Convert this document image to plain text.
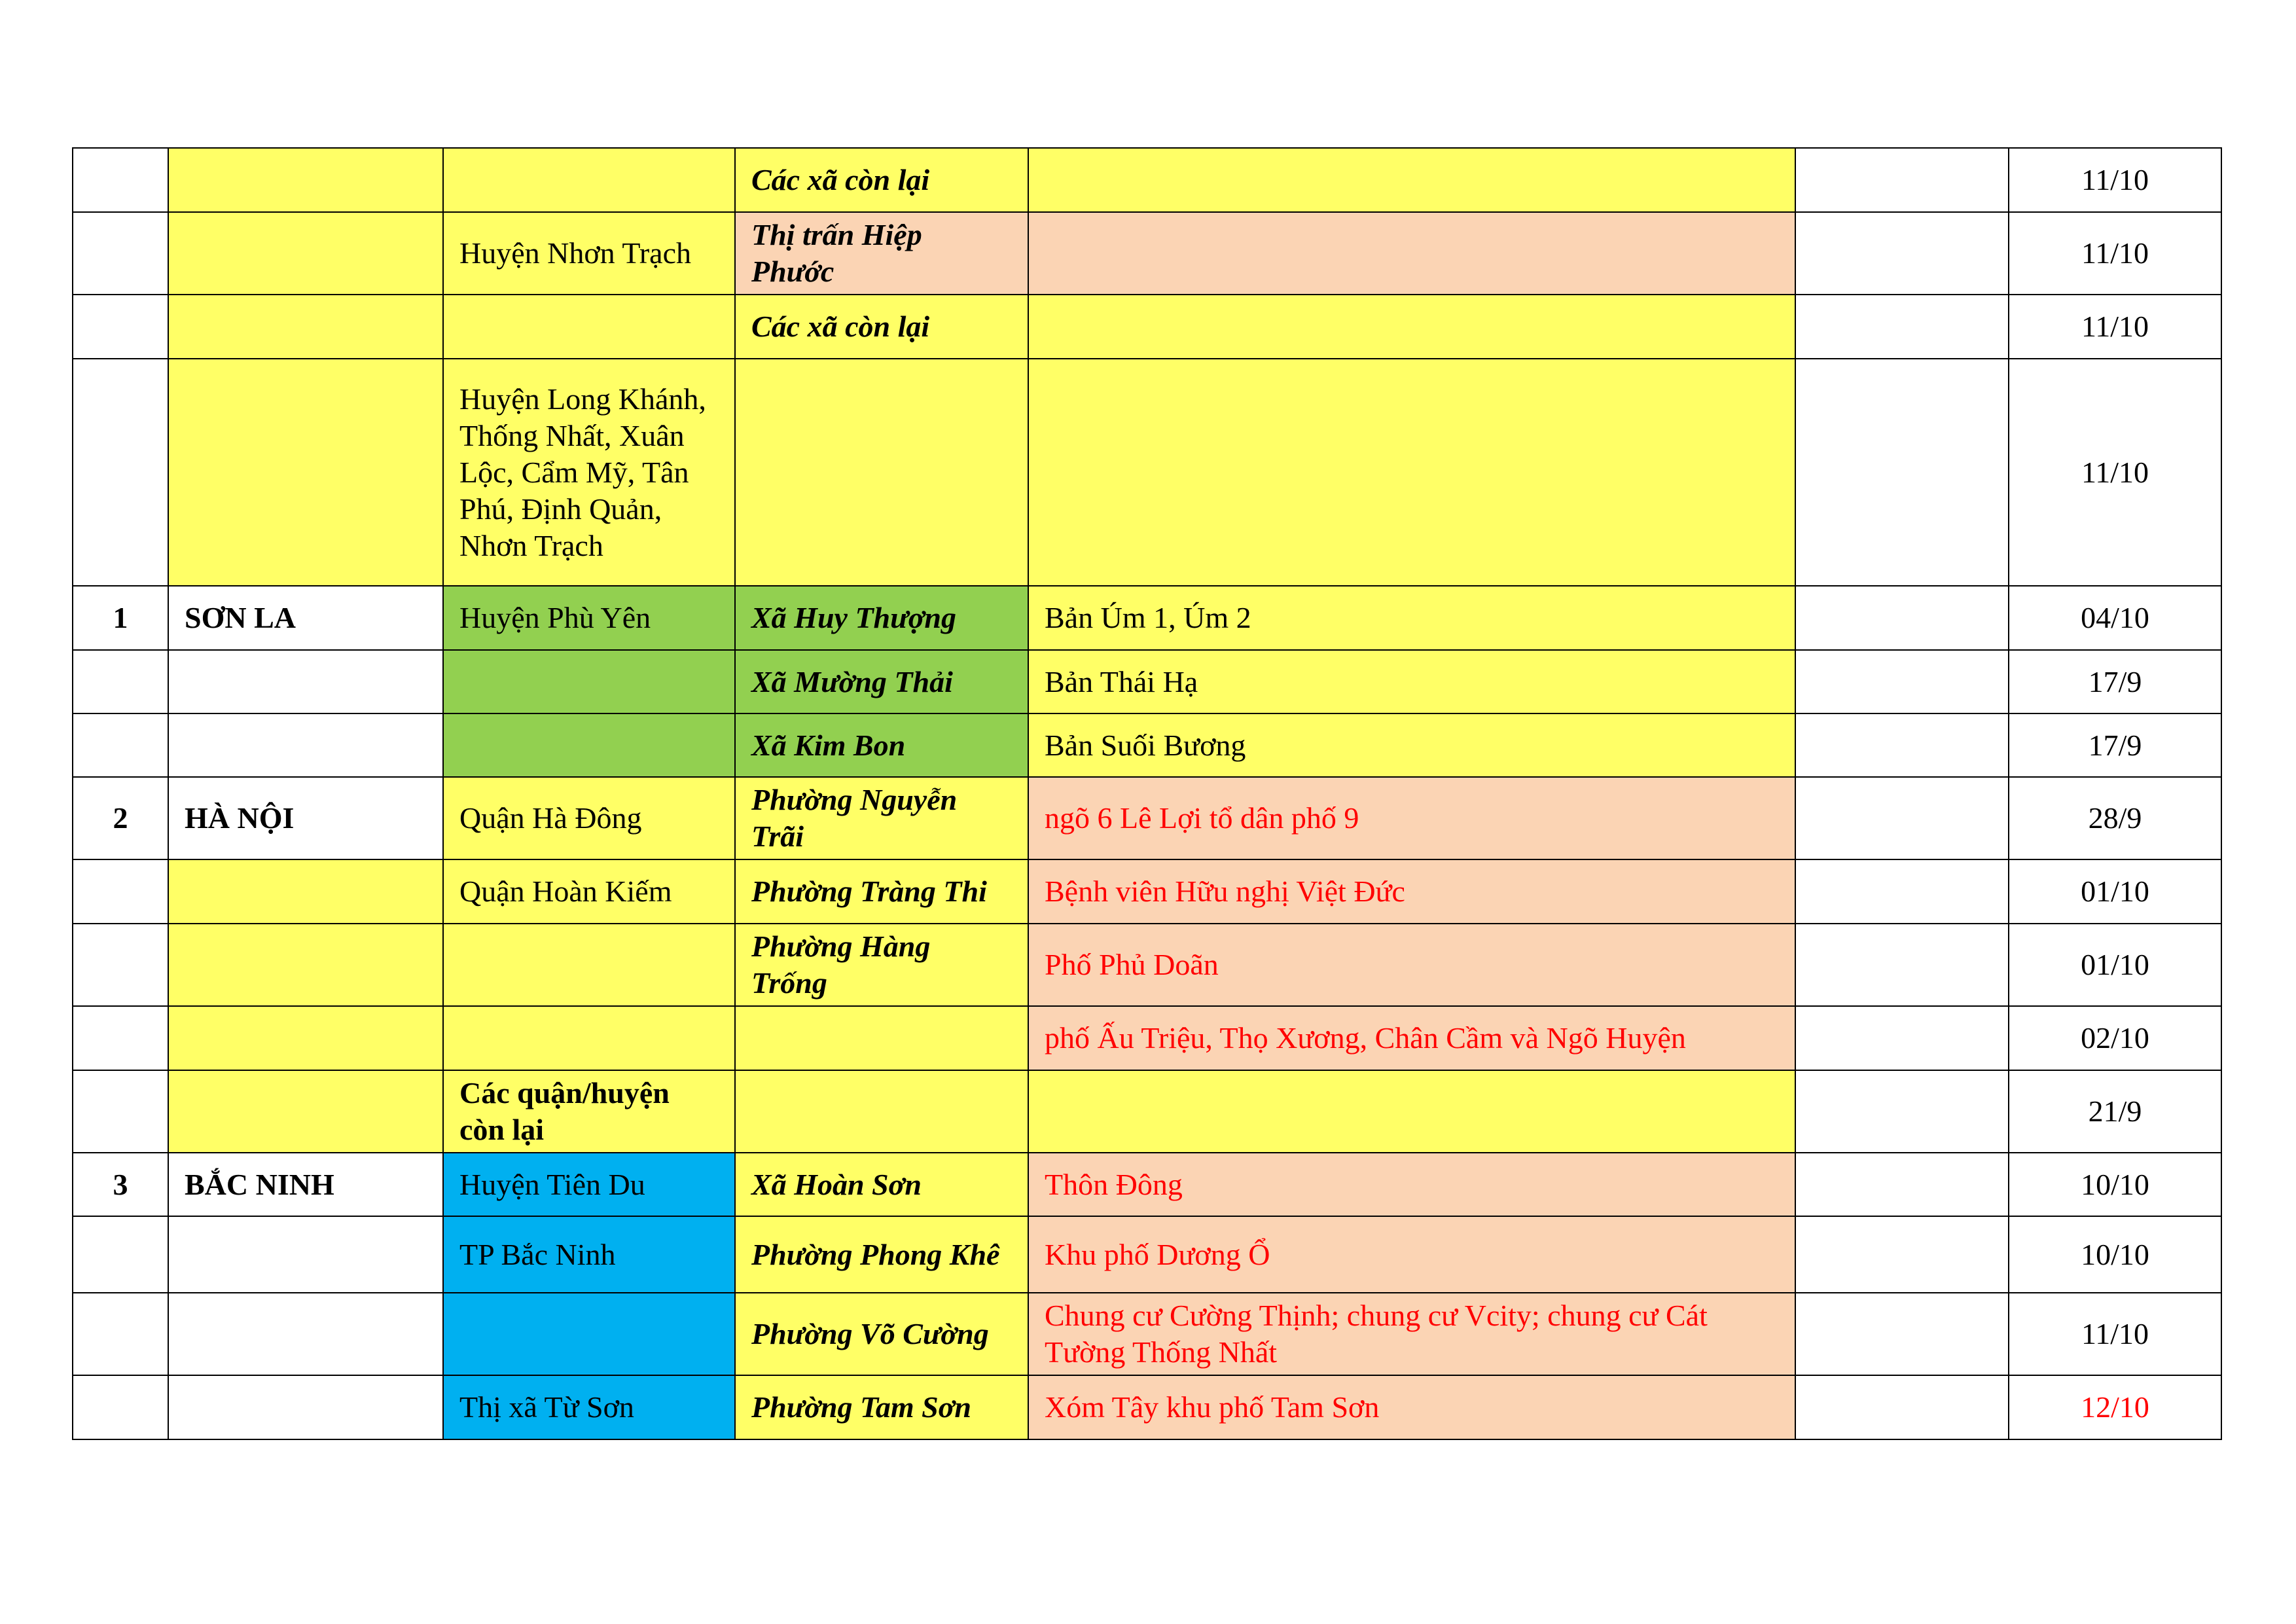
			Các xã còn lại			11/10
		Huyện Nhơn Trạch	Thị trấn Hiệp Phước			11/10
			Các xã còn lại			11/10
		Huyện Long Khánh, Thống Nhất, Xuân Lộc, Cẩm Mỹ, Tân Phú, Định Quản, Nhơn Trạch				11/10
1	SƠN LA	Huyện Phù Yên	Xã Huy Thượng	Bản Úm 1, Úm 2		04/10
			Xã Mường Thải	Bản Thái Hạ		17/9
			Xã Kim Bon	Bản Suối Bương		17/9
2	HÀ NỘI	Quận Hà Đông	Phường Nguyễn Trãi	ngõ 6 Lê Lợi tổ dân phố 9		28/9
		Quận Hoàn Kiếm	Phường Tràng Thi	Bệnh viên Hữu nghị Việt Đức		01/10
			Phường Hàng Trống	Phố Phủ Doãn		01/10
				phố Ấu Triệu, Thọ Xương, Chân Cầm và Ngõ Huyện		02/10
		Các quận/huyện còn lại				21/9
3	BẮC NINH	Huyện Tiên Du	Xã Hoàn Sơn	Thôn Đông		10/10
		TP Bắc Ninh	Phường Phong Khê	Khu phố Dương Ổ		10/10
			Phường Võ Cường	Chung cư Cường Thịnh; chung cư Vcity; chung cư Cát Tường Thống Nhất		11/10
		Thị xã Từ Sơn	Phường Tam Sơn	Xóm Tây khu phố Tam Sơn		12/10
